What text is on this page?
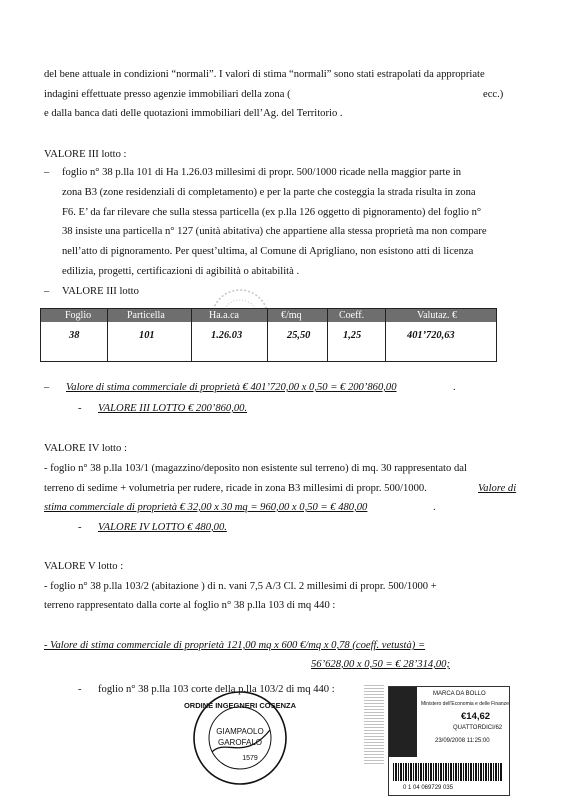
del bene attuale in condizioni “normali”. I valori di stima “normali” sono stati estrapolati da appropriate
indagini effettuate presso agenzie immobiliari della zona (	ecc.)
e dalla banca dati delle quotazioni immobiliari dell’Ag. del Territorio .
VALORE III lotto :
– foglio n° 38 p.lla 101 di Ha 1.26.03 millesimi di propr. 500/1000 ricade nella maggior parte in
zona B3 (zone residenziali di completamento) e per la parte che costeggia la strada risulta in zona
F6. E’ da far rilevare che sulla stessa particella (ex p.lla 126 oggetto di pignoramento) del foglio n°
38 insiste una particella n° 127 (unità abitativa) che appartiene alla stessa proprietà ma non compare
nell’atto di pignoramento. Per quest’ultima, al Comune di Aprigliano, non esistono atti di licenza
edilizia, progetti, certificazioni di agibilità o abitabilità .
– VALORE III lotto
Foglio	Particella	Ha.a.ca	€/mq	Coeff.	Valutaz. €
38	101	1.26.03	25,50	1,25	401’720,63
– Valore di stima commerciale di proprietà € 401’720,00 x 0,50 = € 200’860,00	.
- VALORE III LOTTO € 200’860,00.
VALORE IV lotto :
- foglio n° 38 p.lla 103/1 (magazzino/deposito non esistente sul terreno) di mq. 30 rappresentato dal
terreno di sedime + volumetria per rudere, ricade in zona B3 millesimi di propr. 500/1000.	Valore di
stima commerciale di proprietà € 32,00 x 30 mq = 960,00 x 0,50 = € 480,00	.
- VALORE IV LOTTO € 480,00.
VALORE V lotto :
- foglio n° 38 p.lla 103/2 (abitazione ) di n. vani 7,5 A/3 Cl. 2 millesimi di propr. 500/1000 +
terreno rappresentato dalla corte al foglio n° 38 p.lla 103 di mq 440 :
- Valore di stima commerciale di proprietà 121,00 mq x 600 €/mq x 0,78 (coeff. vetustà) =
56’628,00 x 0,50 = € 28’314,00;
- foglio n° 38 p.lla 103 corte della p.lla 103/2 di mq 440 :
ORDINE INGEGNERI COSENZA
GIAMPAOLO
GAROFALO
1579
MARCA DA BOLLO
Ministero dell'Economia e delle Finanze
€14,62
QUATTORDICI/62
23/09/2008 11:25:00
0 1 04 069729 035
